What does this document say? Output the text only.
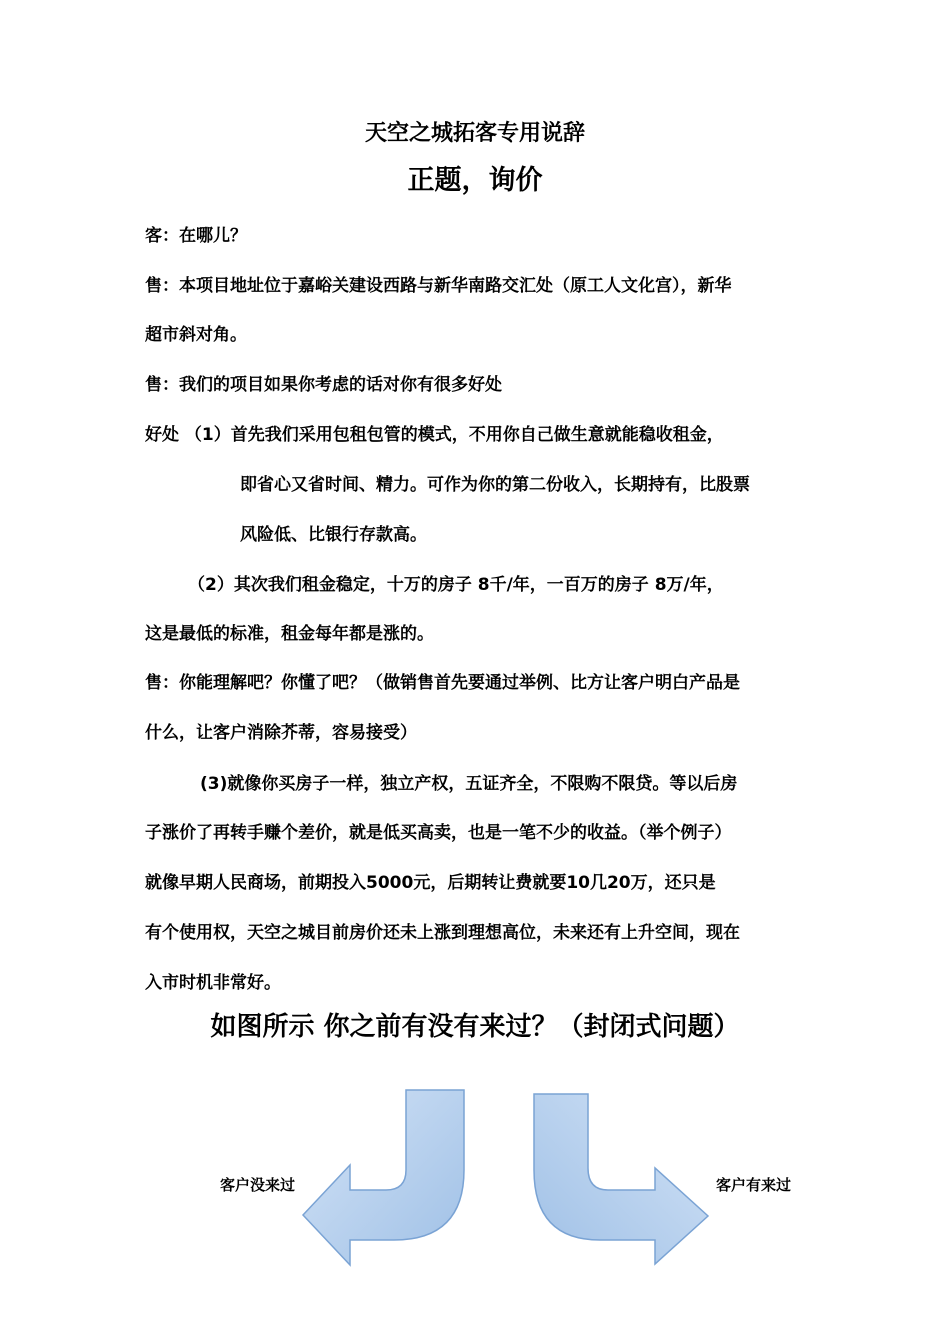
天空之城拓客专用说辞
正题，询价
客：在哪儿？
售：本项目地址位于嘉峪关建设西路与新华南路交汇处（原工人文化宫），新华
超市斜对角。
售：我们的项目如果你考虑的话对你有很多好处
好处 （1）首先我们采用包租包管的模式，不用你自己做生意就能稳收租金，
即省心又省时间、精力。可作为你的第二份收入，长期持有，比股票
风险低、比银行存款高。
（2）其次我们租金稳定，十万的房子 8千/年，一百万的房子 8万/年，
这是最低的标准，租金每年都是涨的。
售：你能理解吧？你懂了吧？（做销售首先要通过举例、比方让客户明白产品是
什么，让客户消除芥蒂，容易接受）
(3)就像你买房子一样，独立产权，五证齐全，不限购不限贷。等以后房
子涨价了再转手赚个差价，就是低买高卖，也是一笔不少的收益。（举个例子）
就像早期人民商场，前期投入5000元，后期转让费就要10几20万，还只是
有个使用权，天空之城目前房价还未上涨到理想高位，未来还有上升空间，现在
入市时机非常好。
如图所示 你之前有没有来过？（封闭式问题）
客户没来过	客户有来过
